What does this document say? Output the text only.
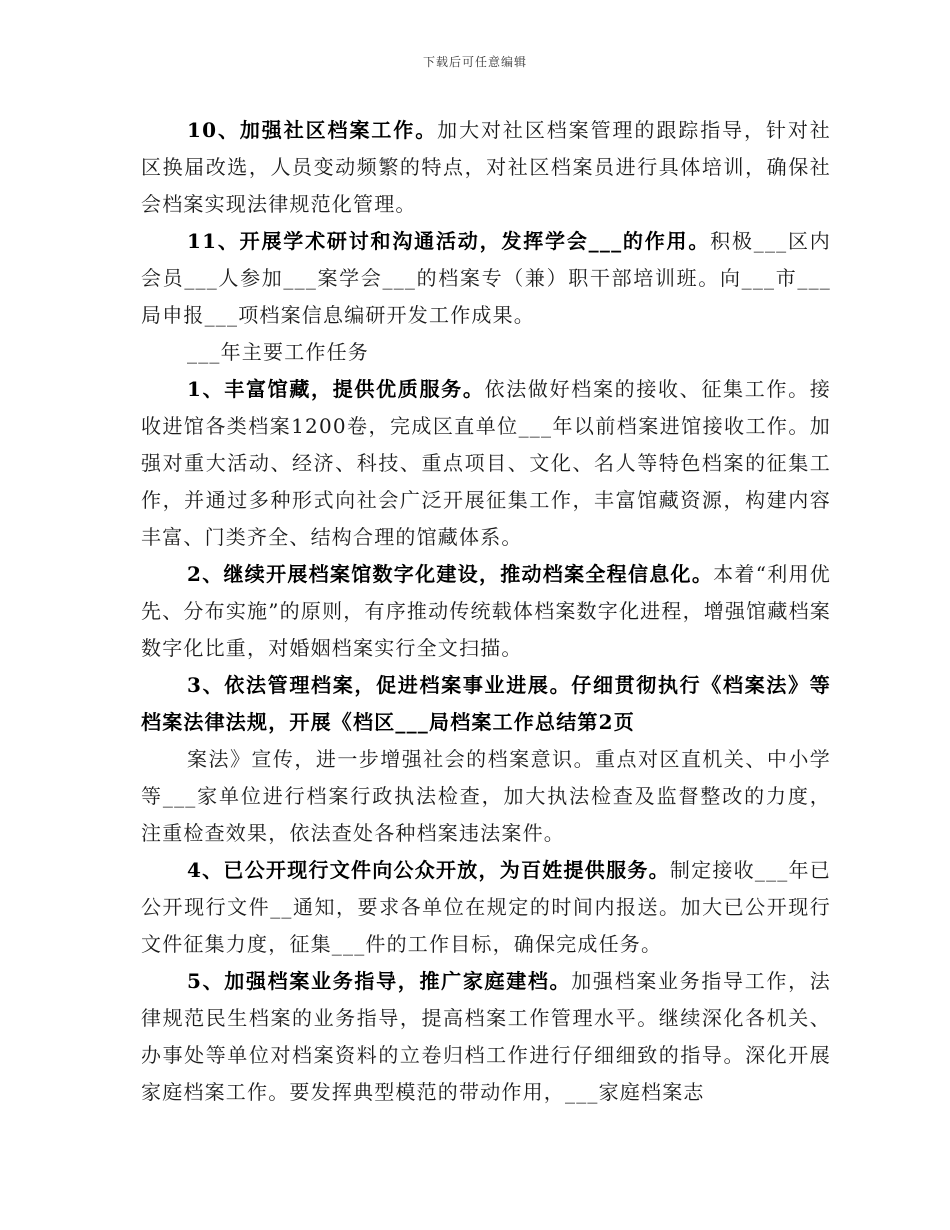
下载后可任意编辑

10、加强社区档案工作。加大对社区档案管理的跟踪指导，针对社区换届改选，人员变动频繁的特点，对社区档案员进行具体培训，确保社会档案实现法律规范化管理。

11、开展学术研讨和沟通活动，发挥学会___的作用。积极___区内会员___人参加___案学会___的档案专（兼）职干部培训班。向___市___局申报___项档案信息编研开发工作成果。

___年主要工作任务

1、丰富馆藏，提供优质服务。依法做好档案的接收、征集工作。接收进馆各类档案1200卷，完成区直单位___年以前档案进馆接收工作。加强对重大活动、经济、科技、重点项目、文化、名人等特色档案的征集工作，并通过多种形式向社会广泛开展征集工作，丰富馆藏资源，构建内容丰富、门类齐全、结构合理的馆藏体系。

2、继续开展档案馆数字化建设，推动档案全程信息化。本着“利用优先、分布实施”的原则，有序推动传统载体档案数字化进程，增强馆藏档案数字化比重，对婚姻档案实行全文扫描。

3、依法管理档案，促进档案事业进展。仔细贯彻执行《档案法》等档案法律法规，开展《档区___局档案工作总结第2页

案法》宣传，进一步增强社会的档案意识。重点对区直机关、中小学等___家单位进行档案行政执法检查，加大执法检查及监督整改的力度，注重检查效果，依法查处各种档案违法案件。

4、已公开现行文件向公众开放，为百姓提供服务。制定接收___年已公开现行文件__通知，要求各单位在规定的时间内报送。加大已公开现行文件征集力度，征集___件的工作目标，确保完成任务。

5、加强档案业务指导，推广家庭建档。加强档案业务指导工作，法律规范民生档案的业务指导，提高档案工作管理水平。继续深化各机关、办事处等单位对档案资料的立卷归档工作进行仔细细致的指导。深化开展家庭档案工作。要发挥典型模范的带动作用，___家庭档案志
